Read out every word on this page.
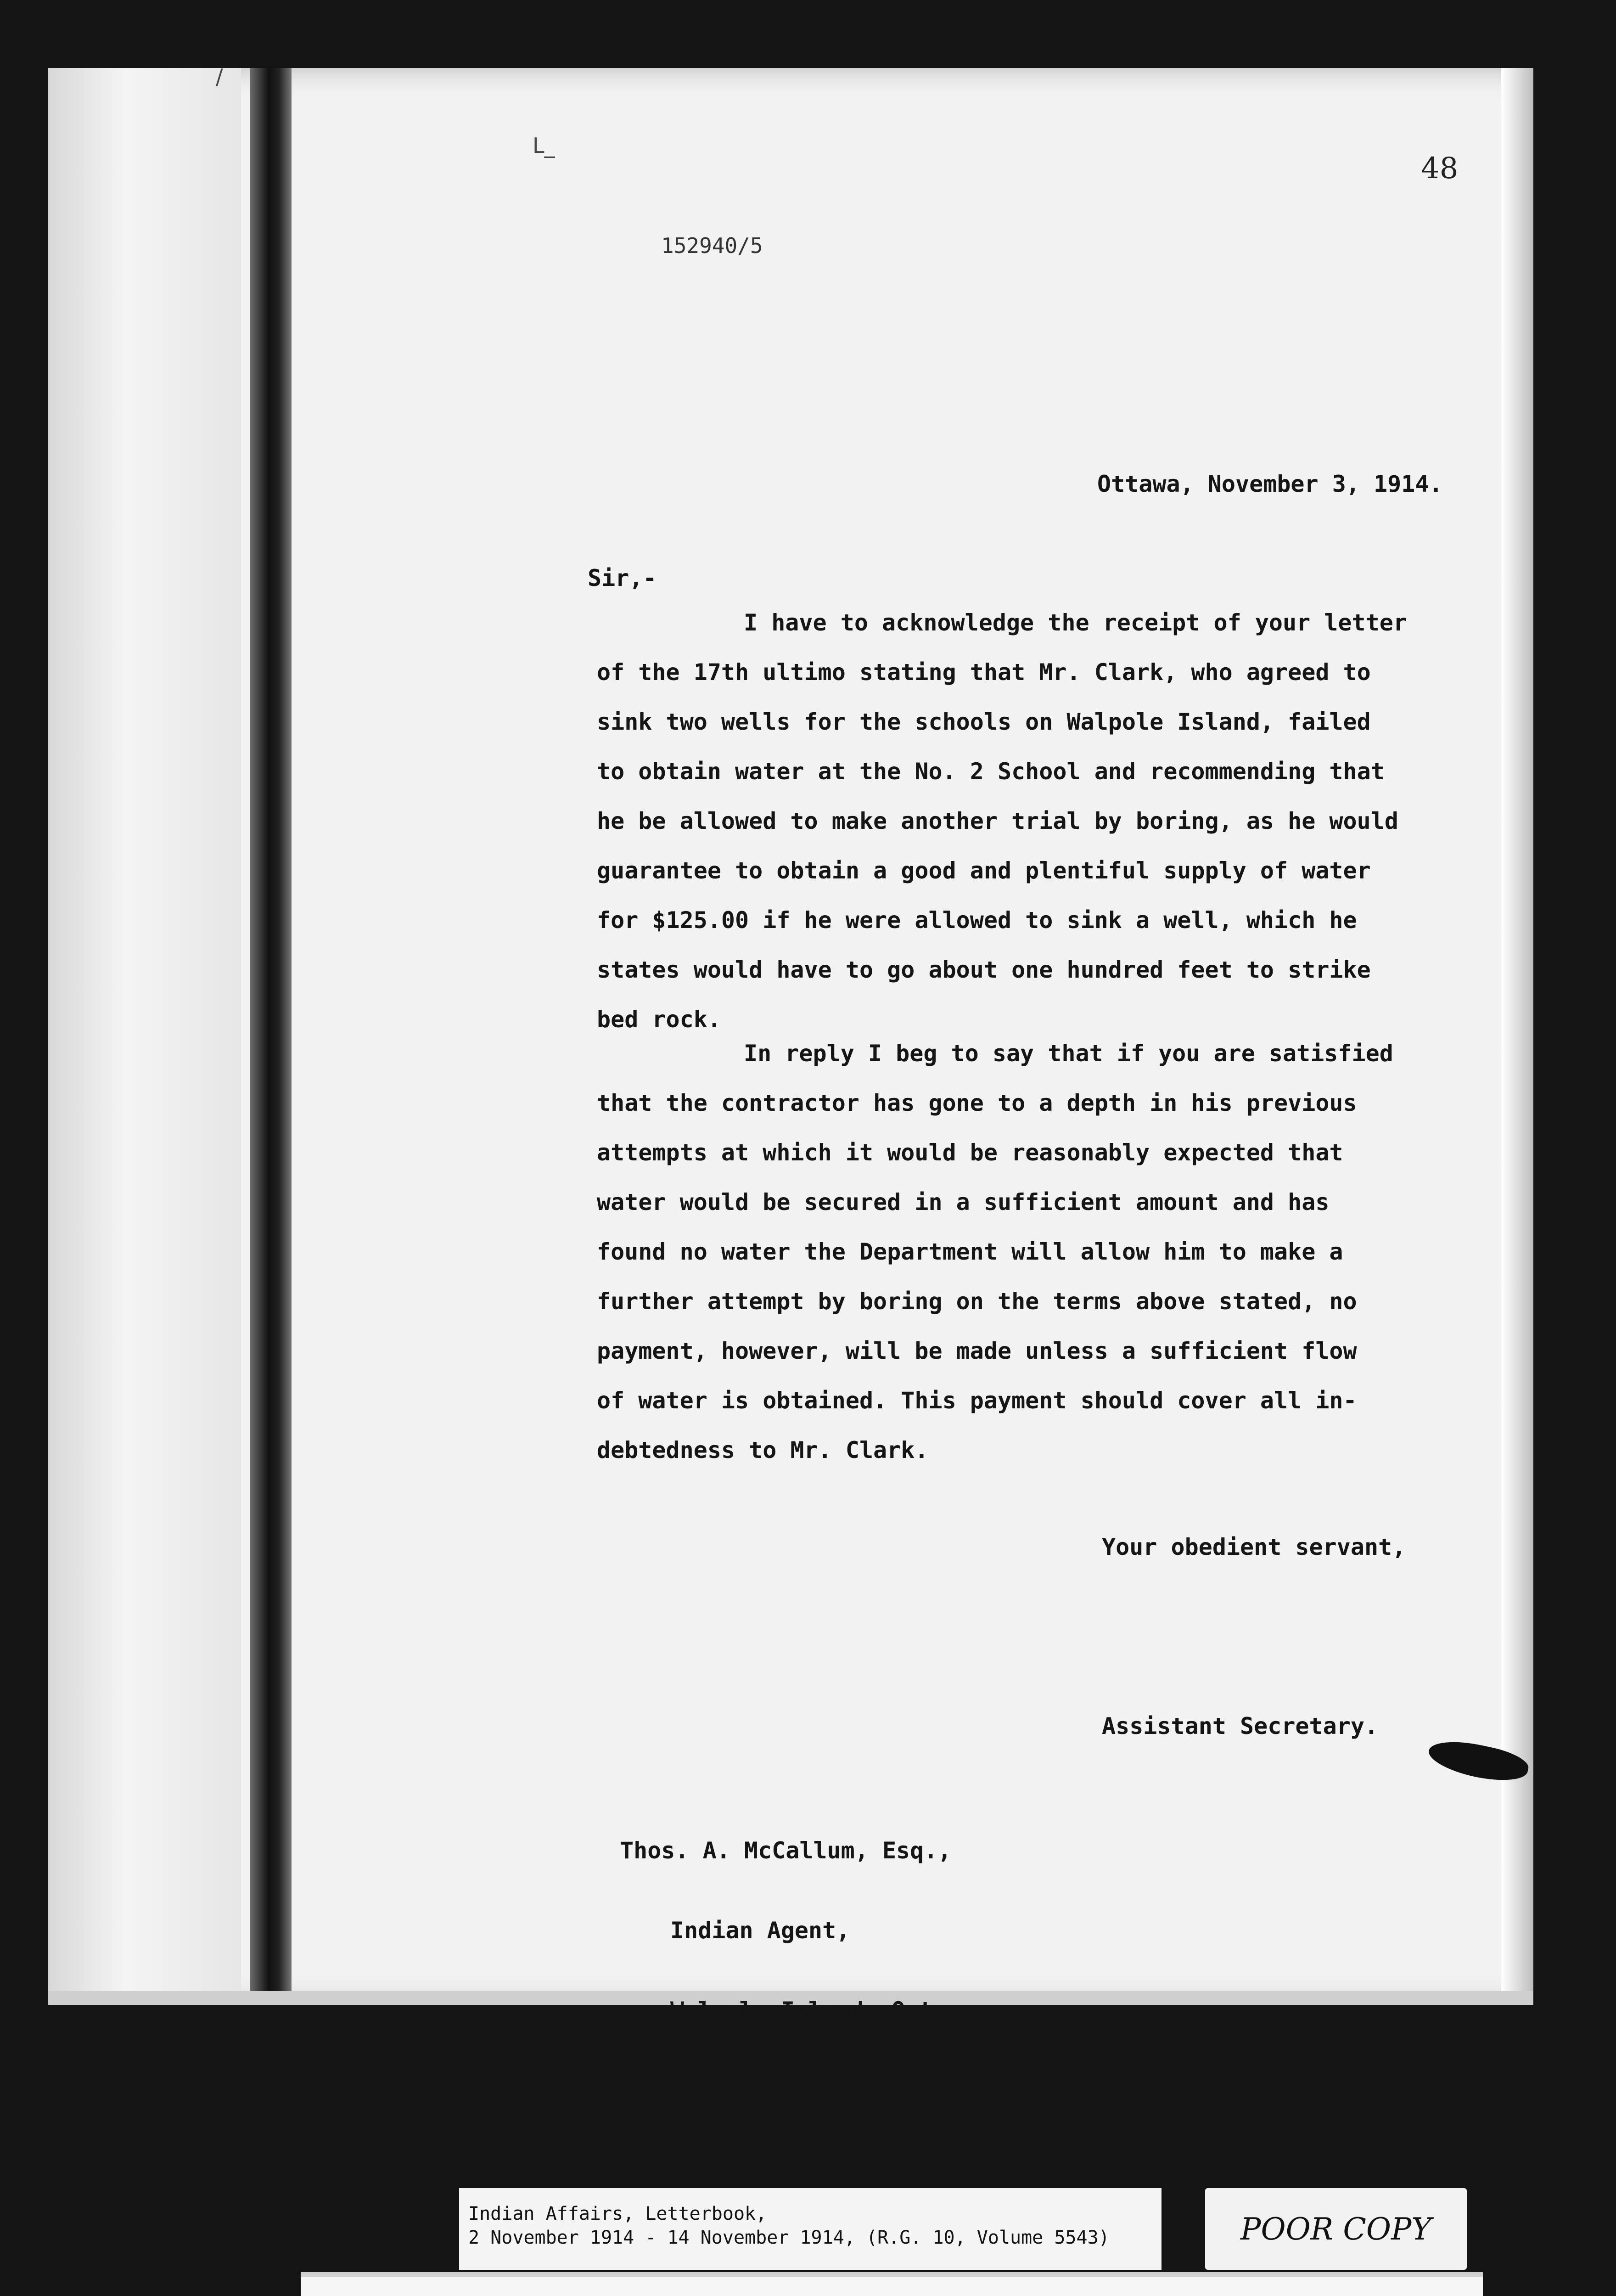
/
L_
48
152940/5
Ottawa, November 3, 1914.
Sir,-
I have to acknowledge the receipt of your letter
of the 17th ultimo stating that Mr. Clark, who agreed to
sink two wells for the schools on Walpole Island, failed
to obtain water at the No. 2 School and recommending that
he be allowed to make another trial by boring, as he would
guarantee to obtain a good and plentiful supply of water
for $125.00 if he were allowed to sink a well, which he
states would have to go about one hundred feet to strike
bed rock.
In reply I beg to say that if you are satisfied
that the contractor has gone to a depth in his previous
attempts at which it would be reasonably expected that
water would be secured in a sufficient amount and has
found no water the Department will allow him to make a
further attempt by boring on the terms above stated, no
payment, however, will be made unless a sufficient flow
of water is obtained. This payment should cover all in-
debtedness to Mr. Clark.
Your obedient servant,
Assistant Secretary.

Thos. A. McCallum, Esq.,

Indian Agent,

Walpole Island, Ont.

Indian Affairs, Letterbook,
2 November 1914 - 14 November 1914, (R.G. 10, Volume 5543)	POOR COPY
